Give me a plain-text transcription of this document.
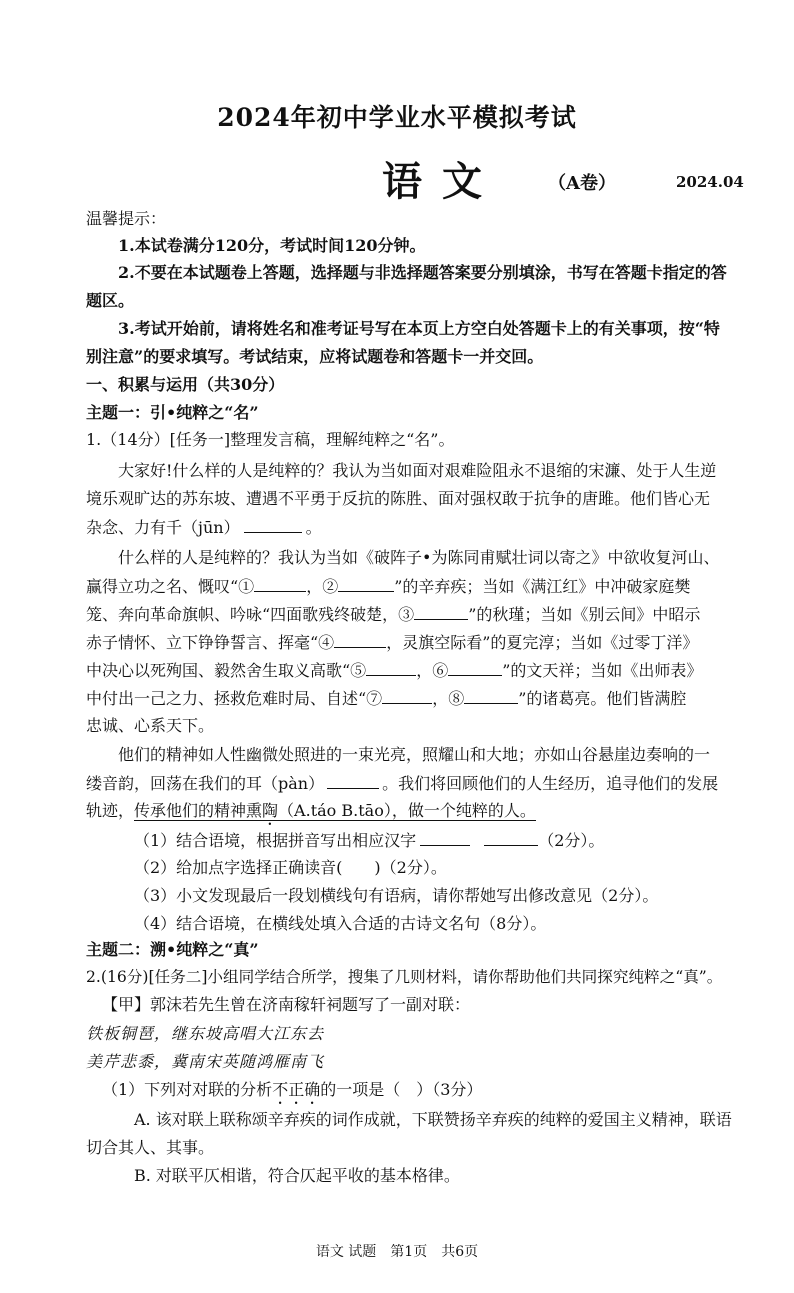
2024年初中学业水平模拟考试
语文	（A卷）	2024.04
温馨提示：
1.本试卷满分120分，考试时间120分钟。
2.不要在本试题卷上答题，选择题与非选择题答案要分别填涂，书写在答题卡指定的答
题区。
3.考试开始前，请将姓名和准考证号写在本页上方空白处答题卡上的有关事项，按“特
别注意”的要求填写。考试结束，应将试题卷和答题卡一并交回。
一、积累与运用（共30分）
主题一：引•纯粹之“名”
1.（14分）[任务一]整理发言稿，理解纯粹之“名”。
大家好!什么样的人是纯粹的？我认为当如面对艰难险阻永不退缩的宋濂、处于人生逆
境乐观旷达的苏东坡、遭遇不平勇于反抗的陈胜、面对强权敢于抗争的唐雎。他们皆心无
杂念、力有千（jūn）	。
什么样的人是纯粹的？我认为当如《破阵子•为陈同甫赋壮词以寄之》中欲收复河山、
赢得立功之名、慨叹“①	，②	”的辛弃疾；当如《满江红》中冲破家庭樊
笼、奔向革命旗帜、吟咏“四面歌残终破楚，③	”的秋瑾；当如《别云间》中昭示
赤子情怀、立下铮铮誓言、挥毫“④	，灵旗空际看”的夏完淳；当如《过零丁洋》
中决心以死殉国、毅然舍生取义高歌“⑤	，⑥	”的文天祥；当如《出师表》
中付出一己之力、拯救危难时局、自述“⑦	，⑧	”的诸葛亮。他们皆满腔
忠诚、心系天下。
他们的精神如人性幽微处照进的一束光亮，照耀山和大地；亦如山谷悬崖边奏响的一
缕音韵，回荡在我们的耳（pàn）	。我们将回顾他们的人生经历，追寻他们的发展
轨迹，传承他们的精神熏陶（A.táo B.tāo），做一个纯粹的人。
（1）结合语境，根据拼音写出相应汉字	（2分）。
（2）给加点字选择正确读音(　　)（2分）。
（3）小文发现最后一段划横线句有语病，请你帮她写出修改意见（2分）。
（4）结合语境，在横线处填入合适的古诗文名句（8分）。
主题二：溯•纯粹之“真”
2.(16分)[任务二]小组同学结合所学，搜集了几则材料，请你帮助他们共同探究纯粹之“真”。
【甲】郭沫若先生曾在济南稼轩祠题写了一副对联：
铁板铜琶，继东坡高唱大江东去
美芹悲黍，冀南宋英随鸿雁南飞
（1）下列对对联的分析不正确的一项是（　）（3分）
A. 该对联上联称颂辛弃疾的词作成就，下联赞扬辛弃疾的纯粹的爱国主义精神，联语
切合其人、其事。
B. 对联平仄相谐，符合仄起平收的基本格律。
语文 试题　第1页　共6页
